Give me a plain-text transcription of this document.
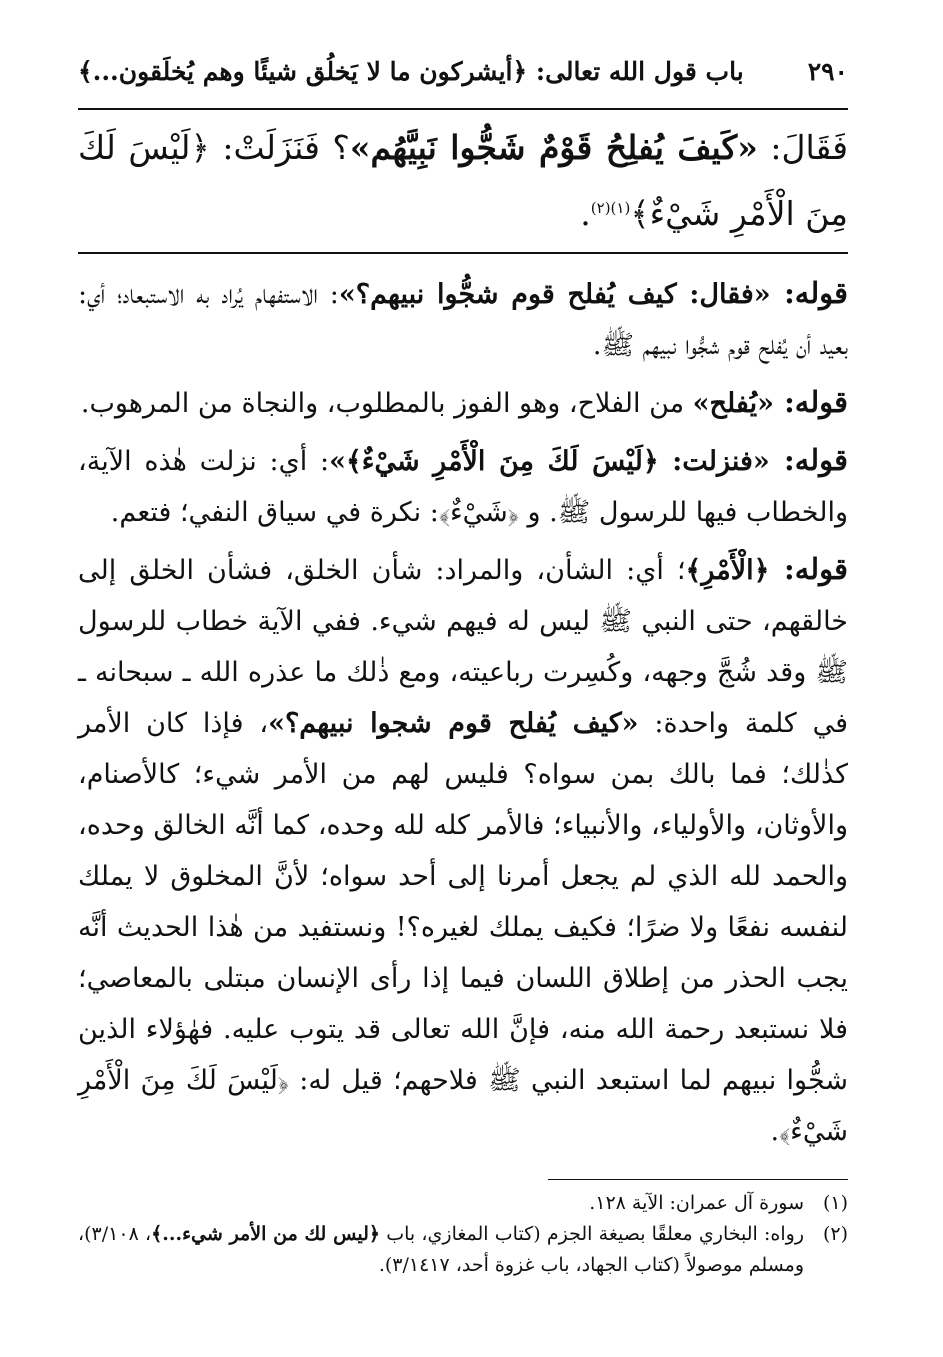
٢٩٠
باب قول الله تعالى: ﴿أيشركون ما لا يَخلُق شيئًا وهم يُخلَقون...﴾

فَقَالَ: «كَيفَ يُفلِحُ قَوْمٌ شَجُّوا نَبِيَّهُم»؟ فَنَزَلَتْ: ﴿لَيْسَ لَكَ مِنَ الْأَمْرِ شَيْءٌ﴾$^{(١)(٢)}$.

قوله: «فقال: كيف يُفلح قوم شجُّوا نبيهم؟»: الاستفهام يُراد به الاستبعاد؛ أي: بعيد أن يُفلح قوم شجُّوا نبيهم ﷺ.

قوله: «يُفلح» من الفلاح، وهو الفوز بالمطلوب، والنجاة من المرهوب.

قوله: «فنزلت: ﴿لَيْسَ لَكَ مِنَ الْأَمْرِ شَيْءٌ﴾»: أي: نزلت هٰذه الآية، والخطاب فيها للرسول ﷺ. و ﴿شَيْءٌ﴾: نكرة في سياق النفي؛ فتعم.

قوله: ﴿الْأَمْرِ﴾؛ أي: الشأن، والمراد: شأن الخلق، فشأن الخلق إلى خالقهم، حتى النبي ﷺ ليس له فيهم شيء. ففي الآية خطاب للرسول ﷺ وقد شُجَّ وجهه، وكُسِرت رباعيته، ومع ذٰلك ما عذره الله ـ سبحانه ـ في كلمة واحدة: «كيف يُفلح قوم شجوا نبيهم؟»، فإذا كان الأمر كذٰلك؛ فما بالك بمن سواه؟ فليس لهم من الأمر شيء؛ كالأصنام، والأوثان، والأولياء، والأنبياء؛ فالأمر كله لله وحده، كما أنَّه الخالق وحده، والحمد لله الذي لم يجعل أمرنا إلى أحد سواه؛ لأنَّ المخلوق لا يملك لنفسه نفعًا ولا ضرًا؛ فكيف يملك لغيره؟! ونستفيد من هٰذا الحديث أنَّه يجب الحذر من إطلاق اللسان فيما إذا رأى الإنسان مبتلى بالمعاصي؛ فلا نستبعد رحمة الله منه، فإنَّ الله تعالى قد يتوب عليه. فهٰؤلاء الذين شجُّوا نبيهم لما استبعد النبي ﷺ فلاحهم؛ قيل له: ﴿لَيْسَ لَكَ مِنَ الْأَمْرِ شَيْءٌ﴾.

(١)
سورة آل عمران: الآية ١٢٨.
(٢)
رواه: البخاري معلقًا بصيغة الجزم (كتاب المغازي، باب ﴿ليس لك من الأمر شيء...﴾، ٣/١٠٨)، ومسلم موصولاً (كتاب الجهاد، باب غزوة أحد، ٣/١٤١٧).
